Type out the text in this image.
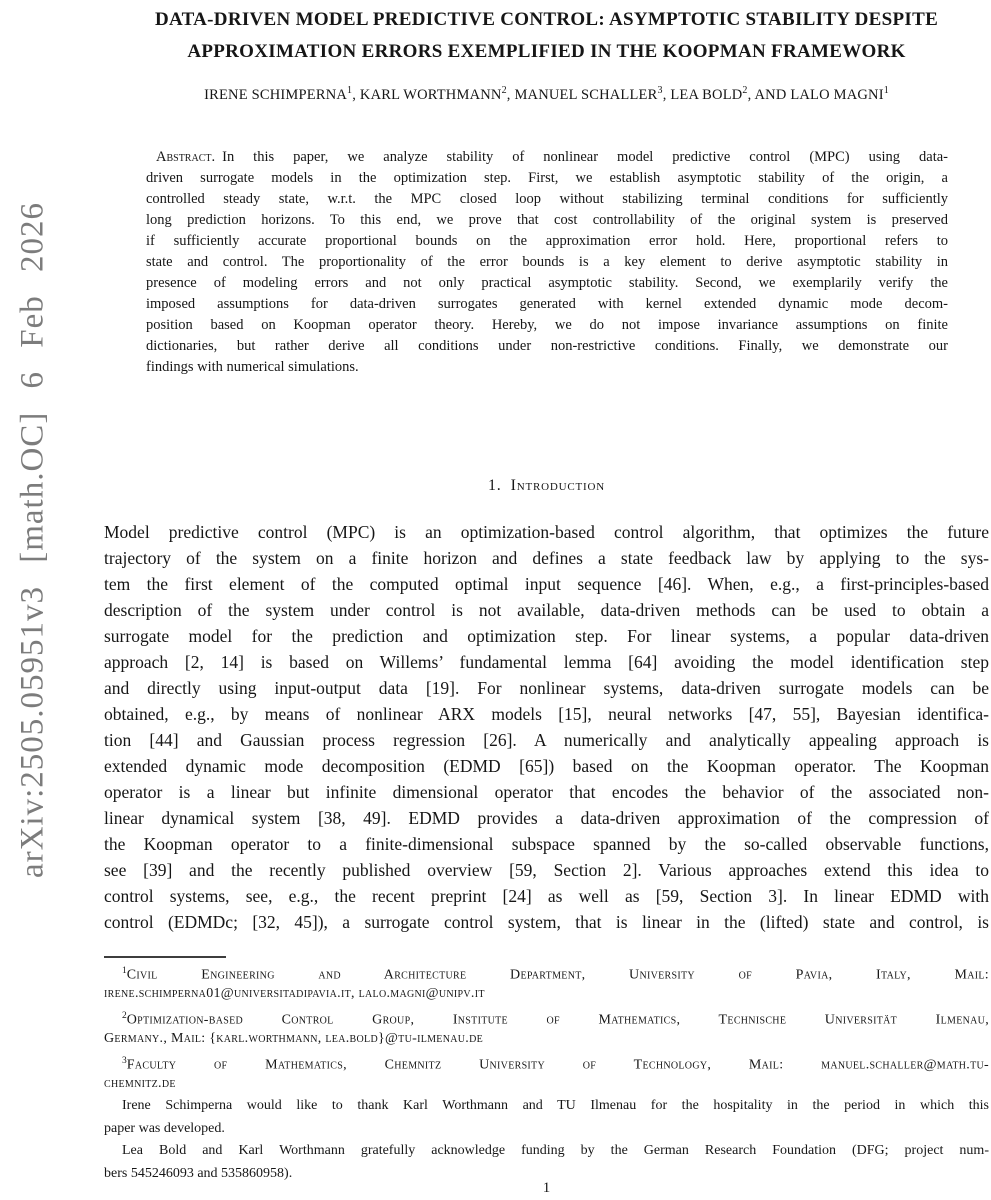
arXiv:2505.05951v3 [math.OC] 6 Feb 2026
DATA-DRIVEN MODEL PREDICTIVE CONTROL: ASYMPTOTIC STABILITY DESPITE
APPROXIMATION ERRORS EXEMPLIFIED IN THE KOOPMAN FRAMEWORK
IRENE SCHIMPERNA$^1$, KARL WORTHMANN$^2$, MANUEL SCHALLER$^3$, LEA BOLD$^2$, AND LALO MAGNI$^1$
Abstract. In this paper, we analyze stability of nonlinear model predictive control (MPC) using data-
driven surrogate models in the optimization step. First, we establish asymptotic stability of the origin, a
controlled steady state, w.r.t. the MPC closed loop without stabilizing terminal conditions for sufficiently
long prediction horizons. To this end, we prove that cost controllability of the original system is preserved
if sufficiently accurate proportional bounds on the approximation error hold. Here, proportional refers to
state and control. The proportionality of the error bounds is a key element to derive asymptotic stability in
presence of modeling errors and not only practical asymptotic stability. Second, we exemplarily verify the
imposed assumptions for data-driven surrogates generated with kernel extended dynamic mode decom-
position based on Koopman operator theory. Hereby, we do not impose invariance assumptions on finite
dictionaries, but rather derive all conditions under non-restrictive conditions. Finally, we demonstrate our
findings with numerical simulations.
1. Introduction
Model predictive control (MPC) is an optimization-based control algorithm, that optimizes the future
trajectory of the system on a finite horizon and defines a state feedback law by applying to the sys-
tem the first element of the computed optimal input sequence [46]. When, e.g., a first-principles-based
description of the system under control is not available, data-driven methods can be used to obtain a
surrogate model for the prediction and optimization step. For linear systems, a popular data-driven
approach [2, 14] is based on Willems’ fundamental lemma [64] avoiding the model identification step
and directly using input-output data [19]. For nonlinear systems, data-driven surrogate models can be
obtained, e.g., by means of nonlinear ARX models [15], neural networks [47, 55], Bayesian identifica-
tion [44] and Gaussian process regression [26]. A numerically and analytically appealing approach is
extended dynamic mode decomposition (EDMD [65]) based on the Koopman operator. The Koopman
operator is a linear but infinite dimensional operator that encodes the behavior of the associated non-
linear dynamical system [38, 49]. EDMD provides a data-driven approximation of the compression of
the Koopman operator to a finite-dimensional subspace spanned by the so-called observable functions,
see [39] and the recently published overview [59, Section 2]. Various approaches extend this idea to
control systems, see, e.g., the recent preprint [24] as well as [59, Section 3]. In linear EDMD with
control (EDMDc; [32, 45]), a surrogate control system, that is linear in the (lifted) state and control, is
$^1$Civil Engineering and Architecture Department, University of Pavia, Italy, Mail:
irene.schimperna01@universitadipavia.it, lalo.magni@unipv.it
$^2$Optimization-based Control Group, Institute of Mathematics, Technische Universität Ilmenau,
Germany., Mail: {karl.worthmann, lea.bold}@tu-ilmenau.de
$^3$Faculty of Mathematics, Chemnitz University of Technology, Mail: manuel.schaller@math.tu-
chemnitz.de
Irene Schimperna would like to thank Karl Worthmann and TU Ilmenau for the hospitality in the period in which this
paper was developed.
Lea Bold and Karl Worthmann gratefully acknowledge funding by the German Research Foundation (DFG; project num-
bers 545246093 and 535860958).
1
